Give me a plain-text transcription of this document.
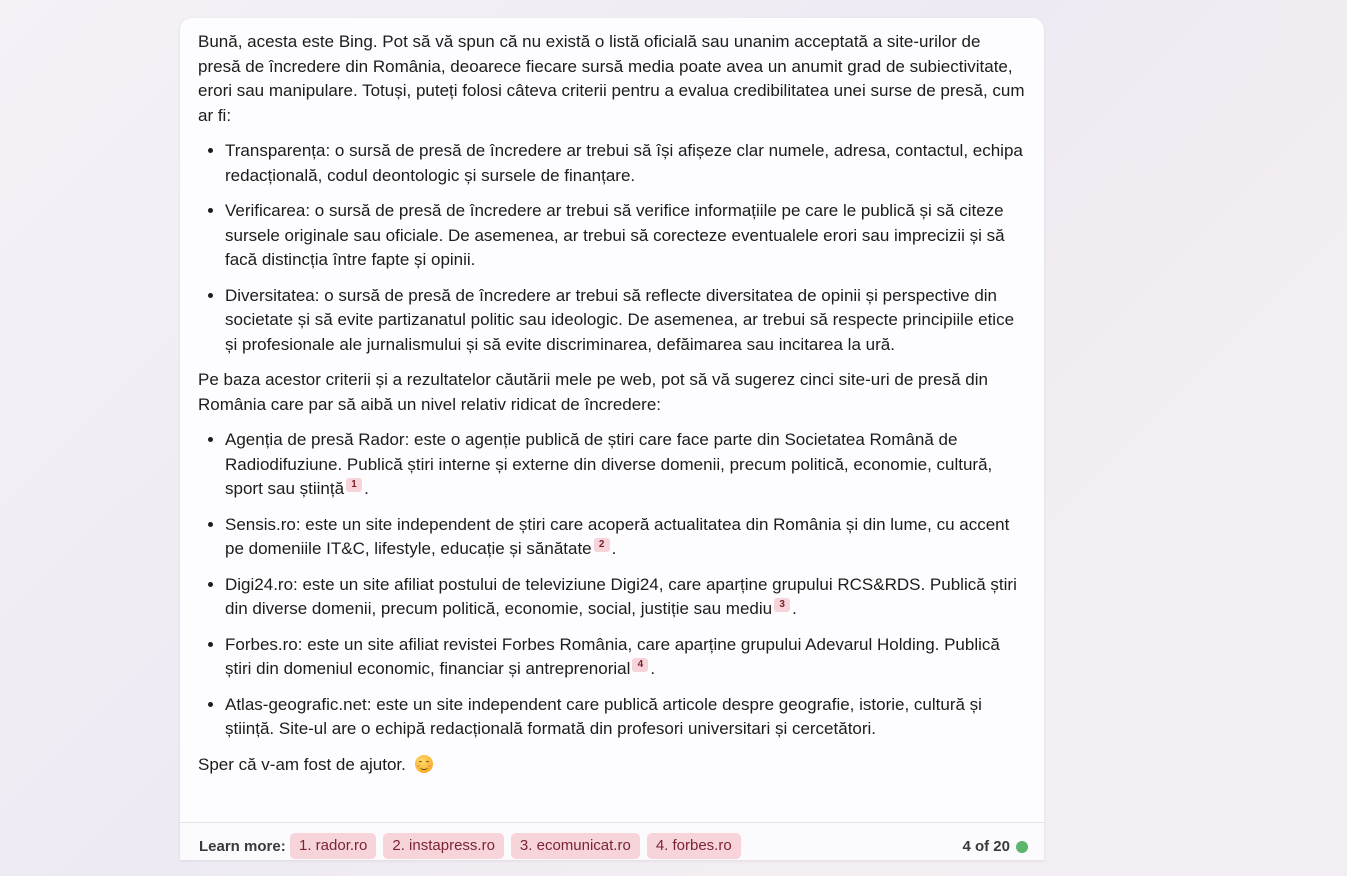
Bună, acesta este Bing. Pot să vă spun că nu există o listă oficială sau unanim acceptată a site-urilor de presă de încredere din România, deoarece fiecare sursă media poate avea un anumit grad de subiectivitate, erori sau manipulare. Totuși, puteți folosi câteva criterii pentru a evalua credibilitatea unei surse de presă, cum ar fi:

• Transparența: o sursă de presă de încredere ar trebui să își afișeze clar numele, adresa, contactul, echipa redacțională, codul deontologic și sursele de finanțare.
• Verificarea: o sursă de presă de încredere ar trebui să verifice informațiile pe care le publică și să citeze sursele originale sau oficiale. De asemenea, ar trebui să corecteze eventualele erori sau imprecizii și să facă distincția între fapte și opinii.
• Diversitatea: o sursă de presă de încredere ar trebui să reflecte diversitatea de opinii și perspective din societate și să evite partizanatul politic sau ideologic. De asemenea, ar trebui să respecte principiile etice și profesionale ale jurnalismului și să evite discriminarea, defăimarea sau incitarea la ură.

Pe baza acestor criterii și a rezultatelor căutării mele pe web, pot să vă sugerez cinci site-uri de presă din România care par să aibă un nivel relativ ridicat de încredere:

• Agenția de presă Rador: este o agenție publică de știri care face parte din Societatea Română de Radiodifuziune. Publică știri interne și externe din diverse domenii, precum politică, economie, cultură, sport sau știință 1 .
• Sensis.ro: este un site independent de știri care acoperă actualitatea din România și din lume, cu accent pe domeniile IT&C, lifestyle, educație și sănătate 2 .
• Digi24.ro: este un site afiliat postului de televiziune Digi24, care aparține grupului RCS&RDS. Publică știri din diverse domenii, precum politică, economie, social, justiție sau mediu 3 .
• Forbes.ro: este un site afiliat revistei Forbes România, care aparține grupului Adevarul Holding. Publică știri din domeniul economic, financiar și antreprenorial 4 .
• Atlas-geografic.net: este un site independent care publică articole despre geografie, istorie, cultură și știință. Site-ul are o echipă redacțională formată din profesori universitari și cercetători.

Sper că v-am fost de ajutor.

Learn more: 1. rador.ro	2. instapress.ro	3. ecomunicat.ro	4. forbes.ro	4 of 20
